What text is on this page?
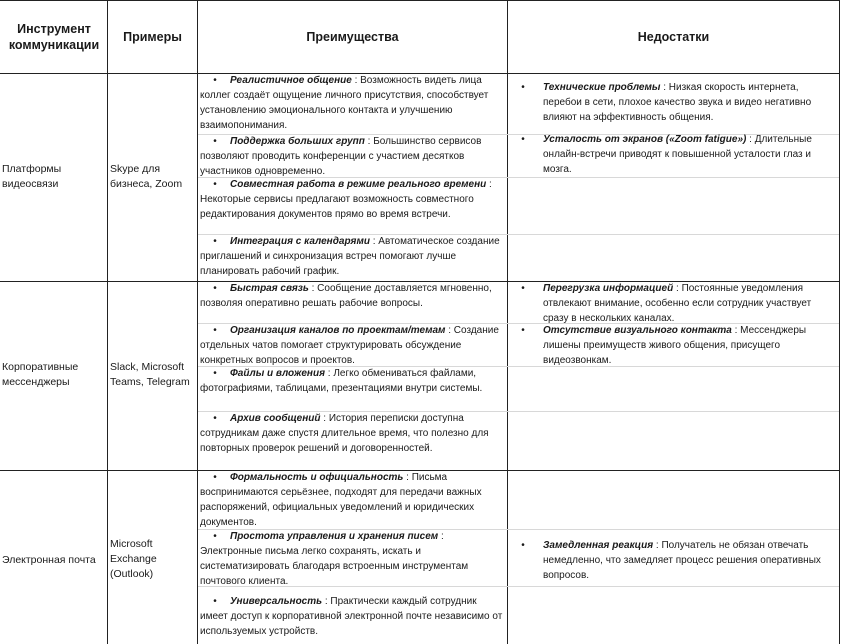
Инструмент коммуникации
Примеры	Преимущества	Недостатки
Платформы видеосвязи
Skype для бизнеса, Zoom
• Реалистичное общение : Возможность видеть лица коллег создаёт ощущение личного присутствия, способствует установлению эмоционального контакта и улучшению взаимопонимания.
• Поддержка больших групп : Большинство сервисов позволяют проводить конференции с участием десятков участников одновременно.
• Совместная работа в режиме реального времени : Некоторые сервисы предлагают возможность совместного редактирования документов прямо во время встречи.
• Интеграция с календарями : Автоматическое создание приглашений и синхронизация встреч помогают лучше планировать рабочий график.
• Технические проблемы : Низкая скорость интернета, перебои в сети, плохое качество звука и видео негативно влияют на эффективность общения.
• Усталость от экранов («Zoom fatigue») : Длительные онлайн-встречи приводят к повышенной усталости глаз и мозга.
Корпоративные мессенджеры
Slack, Microsoft Teams, Telegram
• Быстрая связь : Сообщение доставляется мгновенно, позволяя оперативно решать рабочие вопросы.
• Организация каналов по проектам/темам : Создание отдельных чатов помогает структурировать обсуждение конкретных вопросов и проектов.
• Файлы и вложения : Легко обмениваться файлами, фотографиями, таблицами, презентациями внутри системы.
• Архив сообщений : История переписки доступна сотрудникам даже спустя длительное время, что полезно для повторных проверок решений и договоренностей.
• Перегрузка информацией : Постоянные уведомления отвлекают внимание, особенно если сотрудник участвует сразу в нескольких каналах.
• Отсутствие визуального контакта : Мессенджеры лишены преимуществ живого общения, присущего видеозвонкам.
Электронная почта
Microsoft Exchange (Outlook)
• Формальность и официальность : Письма воспринимаются серьёзнее, подходят для передачи важных распоряжений, официальных уведомлений и юридических документов.
• Простота управления и хранения писем : Электронные письма легко сохранять, искать и систематизировать благодаря встроенным инструментам почтового клиента.
• Универсальность : Практически каждый сотрудник имеет доступ к корпоративной электронной почте независимо от используемых устройств.
• Замедленная реакция : Получатель не обязан отвечать немедленно, что замедляет процесс решения оперативных вопросов.
